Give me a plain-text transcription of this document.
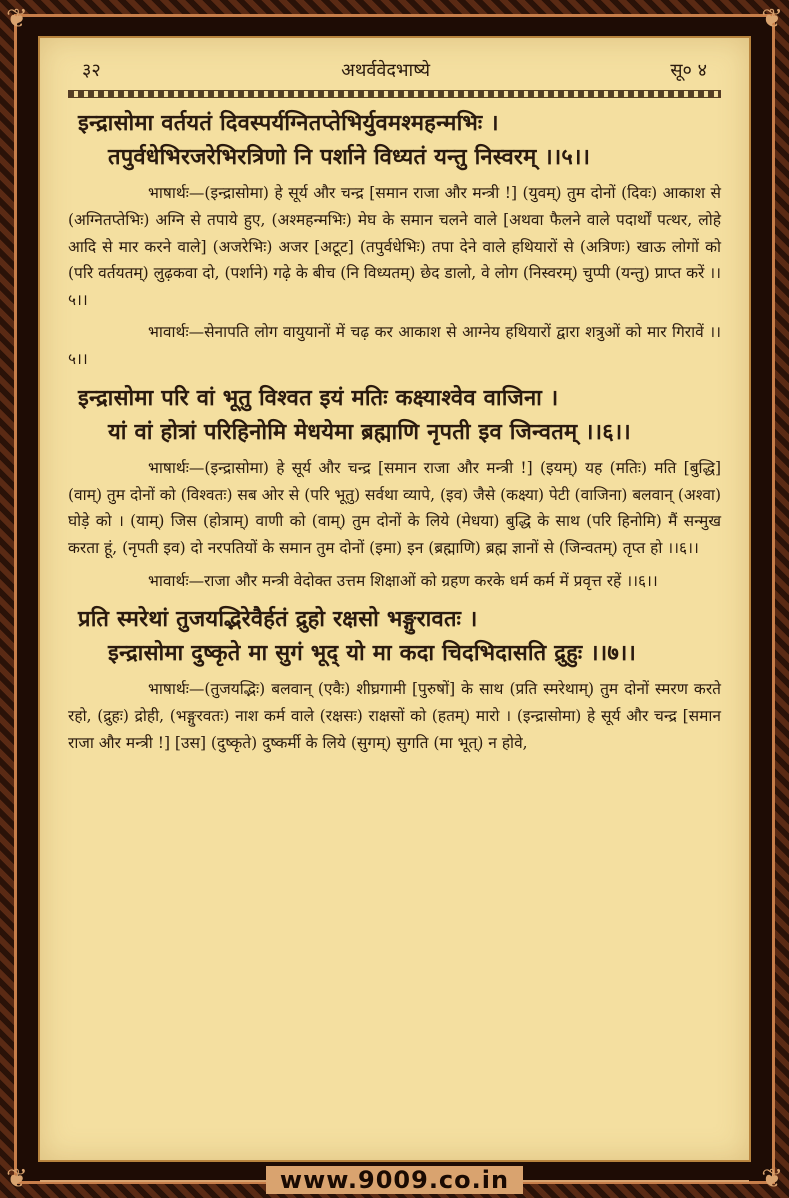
❦	❦
❦	❦
३२	अथर्ववेदभाष्ये	सू० ४
इन्द्रासोमा वर्तयतं दिवस्पर्यग्नितप्तेभिर्युवमश्महन्मभिः ।
तपुर्वधेभिरजरेभिरत्रिणो नि पर्शाने विध्यतं यन्तु निस्वरम् ।।५।।

भाषार्थः—(इन्द्रासोमा) हे सूर्य और चन्द्र [समान राजा और मन्त्री !] (युवम्) तुम दोनों (दिवः) आकाश से (अग्नितप्तेभिः) अग्नि से तपाये हुए, (अश्महन्मभिः) मेघ के समान चलने वाले [अथवा फैलने वाले पदार्थों पत्थर, लोहे आदि से मार करने वाले] (अजरेभिः) अजर [अटूट] (तपुर्वधेभिः) तपा देने वाले हथियारों से (अत्रिणः) खाऊ लोगों को (परि वर्तयतम्) लुढ़कवा दो, (पर्शाने) गढ़े के बीच (नि विध्यतम्) छेद डालो, वे लोग (निस्वरम्) चुप्पी (यन्तु) प्राप्त करें ।।५।।

भावार्थः—सेनापति लोग वायुयानों में चढ़ कर आकाश से आग्नेय हथियारों द्वारा शत्रुओं को मार गिरावें ।।५।।

इन्द्रासोमा परि वां भूतु विश्वत इयं मतिः कक्ष्याश्वेव वाजिना ।
यां वां होत्रां परिहिनोमि मेधयेमा ब्रह्माणि नृपती इव जिन्वतम् ।।६।।

भाषार्थः—(इन्द्रासोमा) हे सूर्य और चन्द्र [समान राजा और मन्त्री !] (इयम्) यह (मतिः) मति [बुद्धि] (वाम्) तुम दोनों को (विश्वतः) सब ओर से (परि भूतु) सर्वथा व्यापे, (इव) जैसे (कक्ष्या) पेटी (वाजिना) बलवान् (अश्वा) घोड़े को । (याम्) जिस (होत्राम्) वाणी को (वाम्) तुम दोनों के लिये (मेधया) बुद्धि के साथ (परि हिनोमि) मैं सन्मुख करता हूं, (नृपती इव) दो नरपतियों के समान तुम दोनों (इमा) इन (ब्रह्माणि) ब्रह्म ज्ञानों से (जिन्वतम्) तृप्त हो ।।६।।

भावार्थः—राजा और मन्त्री वेदोक्त उत्तम शिक्षाओं को ग्रहण करके धर्म कर्म में प्रवृत्त रहें ।।६।।

प्रति स्मरेथां तुजयद्भिरेवैर्हतं द्रुहो रक्षसो भङ्गुरावतः ।
इन्द्रासोमा दुष्कृते मा सुगं भूद् यो मा कदा चिदभिदासति द्रुहुः ।।७।।

भाषार्थः—(तुजयद्भिः) बलवान् (एवैः) शीघ्रगामी [पुरुषों] के साथ (प्रति स्मरेथाम्) तुम दोनों स्मरण करते रहो, (द्रुहः) द्रोही, (भङ्गुरवतः) नाश कर्म वाले (रक्षसः) राक्षसों को (हतम्) मारो । (इन्द्रासोमा) हे सूर्य और चन्द्र [समान राजा और मन्त्री !] [उस] (दुष्कृते) दुष्कर्मी के लिये (सुगम्) सुगति (मा भूत्) न होवे,

www.9009.co.in
